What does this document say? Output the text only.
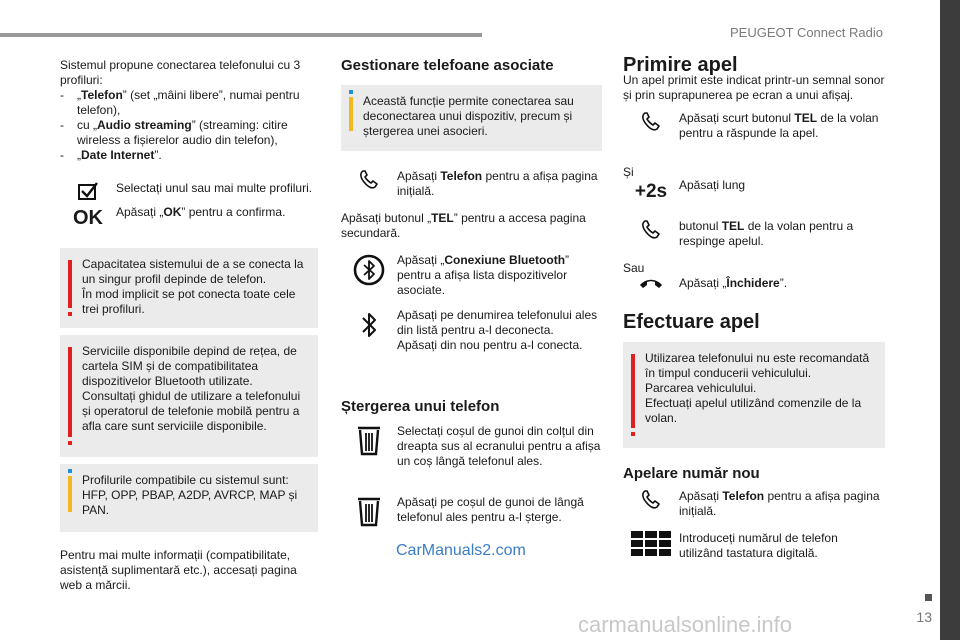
PEUGEOT Connect Radio
13

Sistemul propune conectarea telefonului cu 3 profiluri:

- „Telefon” (set „mâini libere”, numai pentru telefon),
- cu „Audio streaming” (streaming: citire wireless a fișierelor audio din telefon),
- „Date Internet”.
Selectați unul sau mai multe profiluri.
OK Apăsați „OK” pentru a confirma.

Capacitatea sistemului de a se conecta la un singur profil depinde de telefon.

În mod implicit se pot conecta toate cele trei profiluri.

Serviciile disponibile depind de rețea, de cartela SIM și de compatibilitatea dispozitivelor Bluetooth utilizate.

Consultați ghidul de utilizare a telefonului și operatorul de telefonie mobilă pentru a afla care sunt serviciile disponibile.

Profilurile compatibile cu sistemul sunt: HFP, OPP, PBAP, A2DP, AVRCP, MAP și PAN.

Pentru mai multe informații (compatibilitate, asistență suplimentară etc.), accesați pagina web a mărcii.

Gestionare telefoane asociate

Această funcție permite conectarea sau deconectarea unui dispozitiv, precum și ștergerea unei asocieri.

Apăsați Telefon pentru a afișa pagina inițială.

Apăsați butonul „TEL” pentru a accesa pagina secundară.

Apăsați „Conexiune Bluetooth” pentru a afișa lista dispozitivelor asociate.

Apăsați pe denumirea telefonului ales din listă pentru a-l deconecta.

Apăsați din nou pentru a-l conecta.

Ștergerea unui telefon
Selectați coșul de gunoi din colțul din dreapta sus al ecranului pentru a afișa un coș lângă telefonul ales.
Apăsați pe coșul de gunoi de lângă telefonul ales pentru a-l șterge.
CarManuals2.com
Primire apel

Un apel primit este indicat printr-un semnal sonor și prin suprapunerea pe ecran a unui afișaj.

Apăsați scurt butonul TEL de la volan pentru a răspunde la apel.

Și

+2s Apăsați lung
butonul TEL de la volan pentru a respinge apelul.

Sau

Apăsați „Închidere”.
Efectuare apel

Utilizarea telefonului nu este recomandată în timpul conducerii vehiculului.

Parcarea vehiculului.

Efectuați apelul utilizând comenzile de la volan.

Apelare număr nou
Apăsați Telefon pentru a afișa pagina inițială.
Introduceți numărul de telefon utilizând tastatura digitală.
carmanualsonline.info
